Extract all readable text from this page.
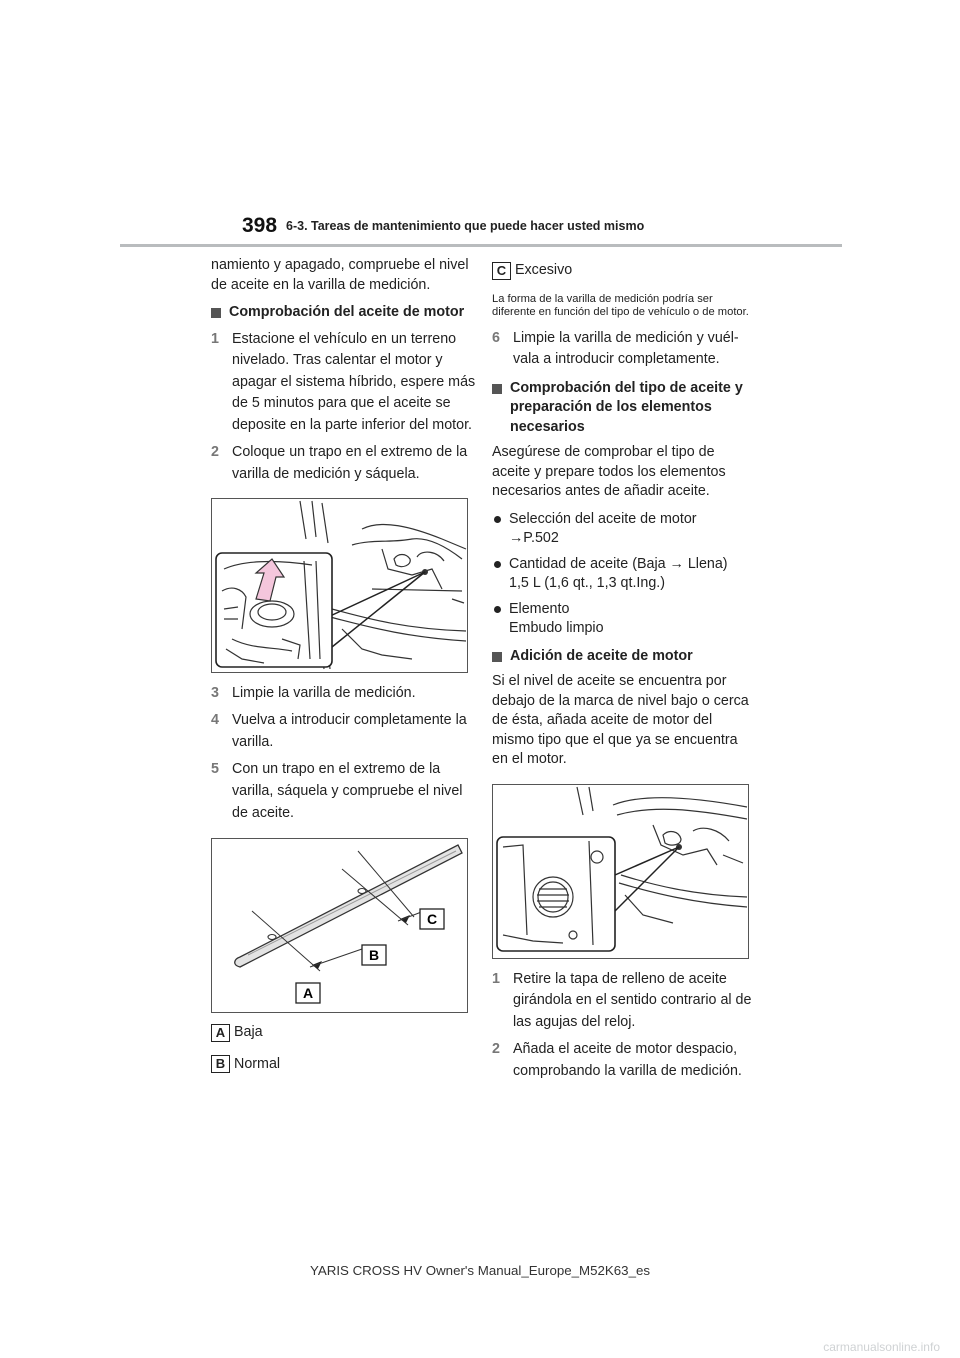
398 6-3. Tareas de mantenimiento que puede hacer usted mismo

namiento y apagado, compruebe el nivel de aceite en la varilla de medición.

Comprobación del aceite de motor
1 Estacione el vehículo en un terreno nivelado. Tras calentar el motor y apagar el sistema híbrido, espere más de 5 minutos para que el aceite se deposite en la parte inferior del motor.
2 Coloque un trapo en el extremo de la varilla de medición y sáquela.
3 Limpie la varilla de medición.
4 Vuelva a introducir completamente la varilla.
5 Con un trapo en el extremo de la varilla, sáquela y compruebe el nivel de aceite.
C
B
A
A Baja
B Normal
C Excesivo

La forma de la varilla de medición podría ser diferente en función del tipo de vehículo o de motor.

6 Limpie la varilla de medición y vuél- vala a introducir completamente.
Comprobación del tipo de aceite y preparación de los elementos necesarios

Asegúrese de comprobar el tipo de aceite y prepare todos los elementos necesarios antes de añadir aceite.

Selección del aceite de motor
→P.502
Cantidad de aceite (Baja → Llena)
1,5 L (1,6 qt., 1,3 qt.Ing.)
Elemento
Embudo limpio
Adición de aceite de motor

Si el nivel de aceite se encuentra por debajo de la marca de nivel bajo o cerca de ésta, añada aceite de motor del mismo tipo que el que ya se encuentra en el motor.

1 Retire la tapa de relleno de aceite girándola en el sentido contrario al de las agujas del reloj.
2 Añada el aceite de motor despacio, comprobando la varilla de medición.
YARIS CROSS HV Owner's Manual_Europe_M52K63_es
carmanualsonline.info
